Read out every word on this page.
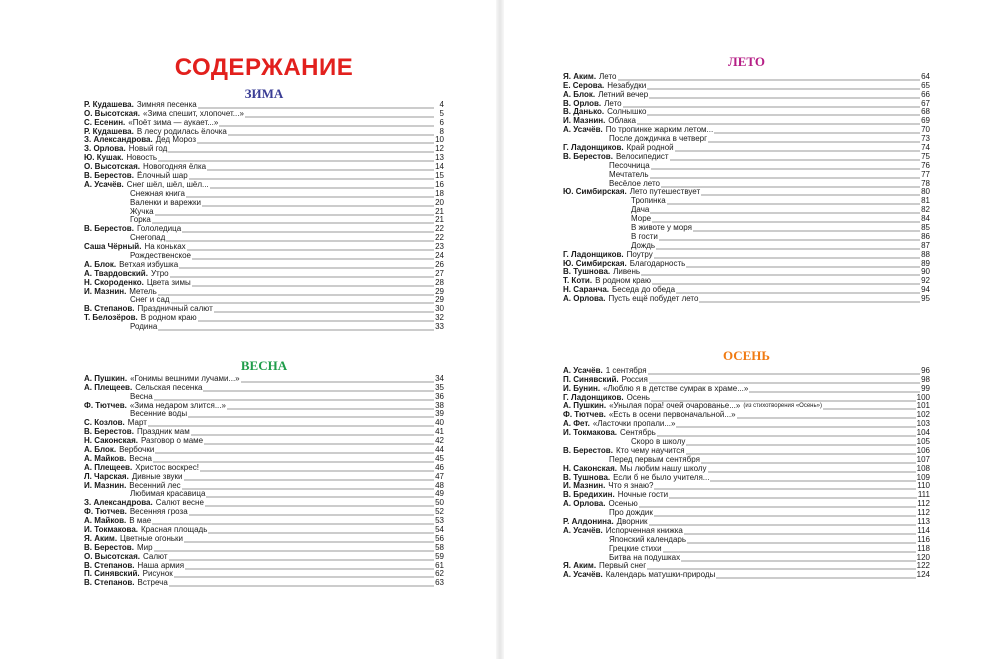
СОДЕРЖАНИЕ
ЗИМА
Р. Кудашева. Зимняя песенка	4
О. Высотская. «Зима спешит, хлопочет...»	5
С. Есенин. «Поёт зима — аукает...»	6
Р. Кудашева. В лесу родилась ёлочка	8
З. Александрова. Дед Мороз	10
З. Орлова. Новый год	12
Ю. Кушак. Новость	13
О. Высотская. Новогодняя ёлка	14
В. Берестов. Ёлочный шар	15
А. Усачёв. Снег шёл, шёл, шёл...	16
Снежная книга	18
Валенки и варежки	20
Жучка	21
Горка	21
В. Берестов. Гололедица	22
Снегопад	22
Саша Чёрный. На коньках	23
Рождественское	24
А. Блок. Ветхая избушка	26
А. Твардовский. Утро	27
Н. Скороденко. Цвета зимы	28
И. Мазнин. Метель	29
Снег и сад	29
В. Степанов. Праздничный салют	30
Т. Белозёров. В родном краю	32
Родина	33
ВЕСНА
А. Пушкин. «Гонимы вешними лучами...»	34
А. Плещеев. Сельская песенка	35
Весна	36
Ф. Тютчев. «Зима недаром злится...»	38
Весенние воды	39
С. Козлов. Март	40
В. Берестов. Праздник мам	41
Н. Саконская. Разговор о маме	42
А. Блок. Вербочки	44
А. Майков. Весна	45
А. Плещеев. Христос воскрес!	46
Л. Чарская. Дивные звуки	47
И. Мазнин. Весенний лес	48
Любимая красавица	49
З. Александрова. Салют весне	50
Ф. Тютчев. Весенняя гроза	52
А. Майков. В мае	53
И. Токмакова. Красная площадь	54
Я. Аким. Цветные огоньки	56
В. Берестов. Мир	58
О. Высотская. Салют	59
В. Степанов. Наша армия	61
П. Синявский. Рисунок	62
В. Степанов. Встреча	63
ЛЕТО
Я. Аким. Лето	64
Е. Серова. Незабудки	65
А. Блок. Летний вечер	66
В. Орлов. Лето	67
В. Данько. Солнышко	68
И. Мазнин. Облака	69
А. Усачёв. По тропинке жарким летом...	70
После дождичка в четверг	73
Г. Ладонщиков. Край родной	74
В. Берестов. Велосипедист	75
Песочница	76
Мечтатель	77
Весёлое лето	78
Ю. Симбирская. Лето путешествует	80
Тропинка	81
Дача	82
Море	84
В животе у моря	85
В гости	86
Дождь	87
Г. Ладонщиков. Поутру	88
Ю. Симбирская. Благодарность	89
В. Тушнова. Ливень	90
Т. Коти. В родном краю	92
Н. Саранча. Беседа до обеда	94
А. Орлова. Пусть ещё побудет лето	95
ОСЕНЬ
А. Усачёв. 1 сентября	96
П. Синявский. Россия	98
И. Бунин. «Люблю я в детстве сумрак в храме...»	99
Г. Ладонщиков. Осень	100
А. Пушкин. «Унылая пора! очей очарованье...» (из стихотворения «Осень»)	101
Ф. Тютчев. «Есть в осени первоначальной...»	102
А. Фет. «Ласточки пропали...»	103
И. Токмакова. Сентябрь	104
Скоро в школу	105
В. Берестов. Кто чему научится	106
Перед первым сентября	107
Н. Саконская. Мы любим нашу школу	108
В. Тушнова. Если б не было учителя...	109
И. Мазнин. Что я знаю?	110
В. Бредихин. Ночные гости	111
А. Орлова. Осенью	112
Про дождик	112
Р. Алдонина. Дворник	113
А. Усачёв. Испорченная книжка	114
Японский календарь	116
Грецкие стихи	118
Битва на подушках	120
Я. Аким. Первый снег	122
А. Усачёв. Календарь матушки-природы	124
